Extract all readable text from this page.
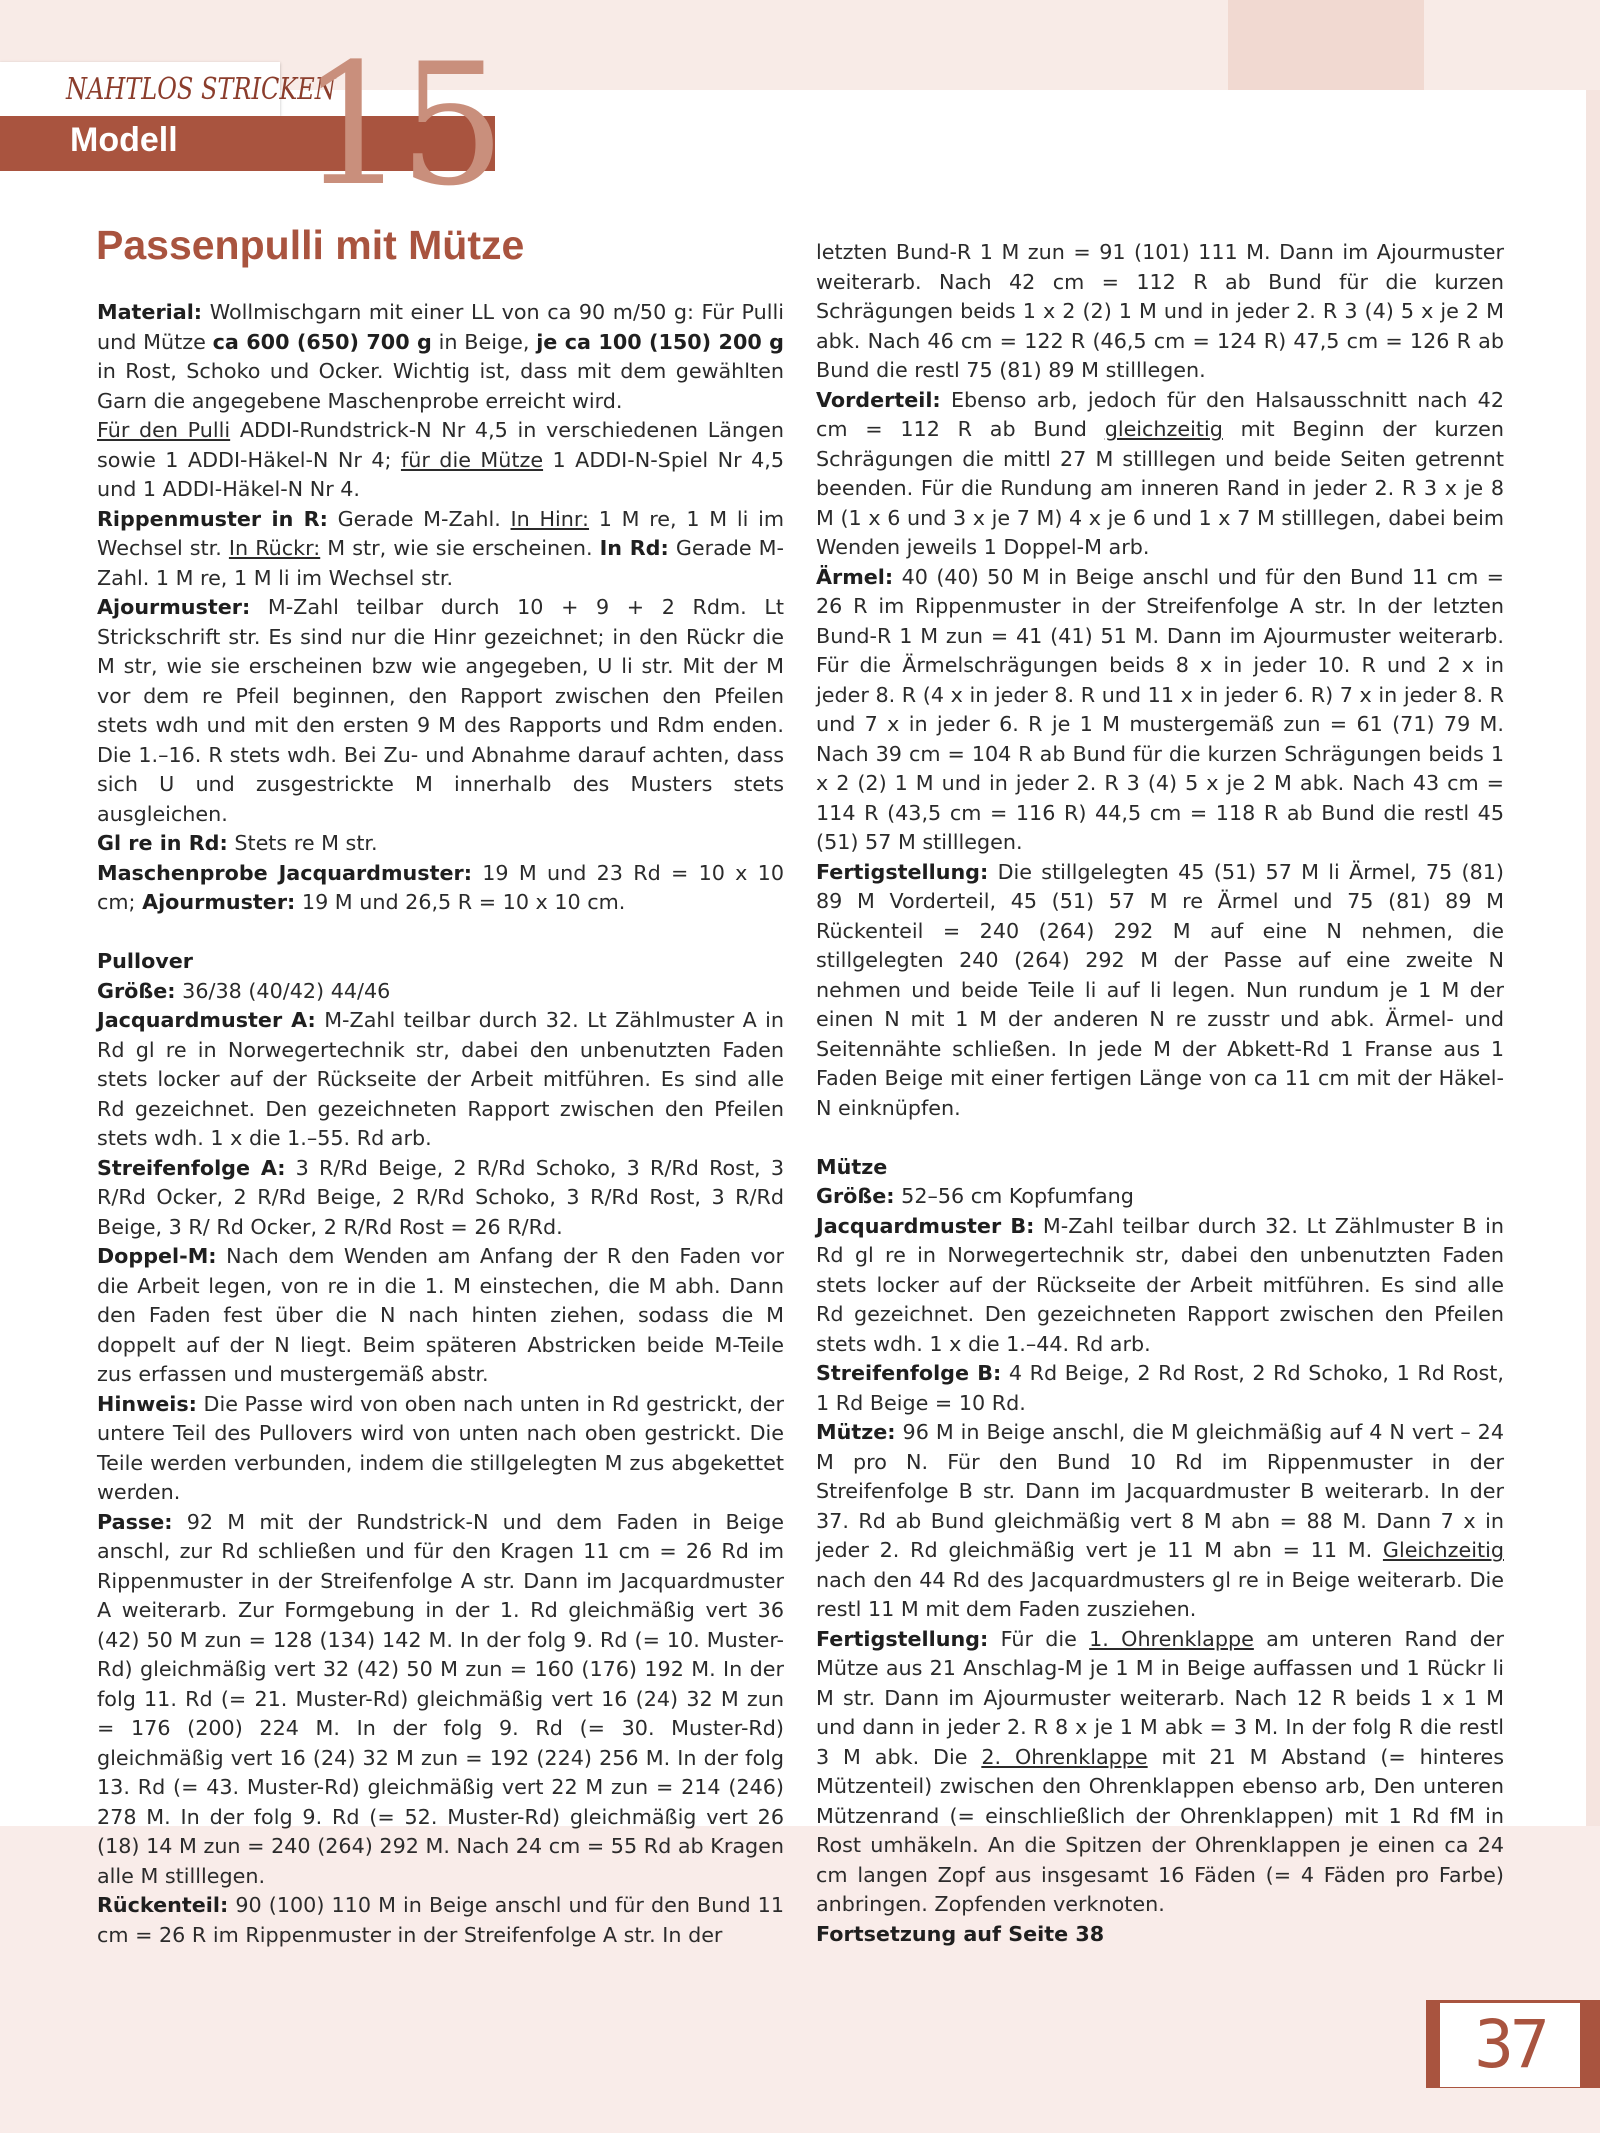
NAHTLOS STRICKEN
15
Modell
Passenpulli mit Mütze

Material: Wollmischgarn mit einer LL von ca 90 m/50 g: Für Pulli und Mütze ca 600 (650) 700 g in Beige, je ca 100 (150) 200 g in Rost, Schoko und Ocker. Wichtig ist, dass mit dem gewählten Garn die angegebene Maschenprobe erreicht wird.

Für den Pulli ADDI-Rundstrick-N Nr 4,5 in verschiedenen Längen sowie 1 ADDI-Häkel-N Nr 4; für die Mütze 1 ADDI-N-Spiel Nr 4,5 und 1 ADDI-Häkel-N Nr 4.

Rippenmuster in R: Gerade M-Zahl. In Hinr: 1 M re, 1 M li im Wechsel str. In Rückr: M str, wie sie erscheinen. In Rd: Gerade M-Zahl. 1 M re, 1 M li im Wechsel str.

Ajourmuster: M-Zahl teilbar durch 10 + 9 + 2 Rdm. Lt Strickschrift str. Es sind nur die Hinr gezeichnet; in den Rückr die M str, wie sie erscheinen bzw wie angegeben, U li str. Mit der M vor dem re Pfeil beginnen, den Rapport zwischen den Pfeilen stets wdh und mit den ersten 9 M des Rapports und Rdm enden. Die 1.–16. R stets wdh. Bei Zu- und Abnahme darauf achten, dass sich U und zusgestrickte M innerhalb des Musters stets ausgleichen.

Gl re in Rd: Stets re M str.

Maschenprobe Jacquardmuster: 19 M und 23 Rd = 10 x 10 cm; Ajourmuster: 19 M und 26,5 R = 10 x 10 cm.

Pullover

Größe: 36/38 (40/42) 44/46

Jacquardmuster A: M-Zahl teilbar durch 32. Lt Zählmuster A in Rd gl re in Norwegertechnik str, dabei den unbenutzten Faden stets locker auf der Rückseite der Arbeit mitführen. Es sind alle Rd gezeichnet. Den gezeichneten Rapport zwischen den Pfeilen stets wdh. 1 x die 1.–55. Rd arb.

Streifenfolge A: 3 R/Rd Beige, 2 R/Rd Schoko, 3 R/Rd Rost, 3 R/Rd Ocker, 2 R/Rd Beige, 2 R/Rd Schoko, 3 R/Rd Rost, 3 R/Rd Beige, 3 R/ Rd Ocker, 2 R/Rd Rost = 26 R/Rd.

Doppel-M: Nach dem Wenden am Anfang der R den Faden vor die Arbeit legen, von re in die 1. M einstechen, die M abh. Dann den Faden fest über die N nach hinten ziehen, sodass die M doppelt auf der N liegt. Beim späteren Abstricken beide M-Teile zus erfassen und mustergemäß abstr.

Hinweis: Die Passe wird von oben nach unten in Rd gestrickt, der untere Teil des Pullovers wird von unten nach oben gestrickt. Die Teile werden verbunden, indem die stillgelegten M zus abgekettet werden.

Passe: 92 M mit der Rundstrick-N und dem Faden in Beige anschl, zur Rd schließen und für den Kragen 11 cm = 26 Rd im Rippenmuster in der Streifenfolge A str. Dann im Jacquardmuster A weiterarb. Zur Formgebung in der 1. Rd gleichmäßig vert 36 (42) 50 M zun = 128 (134) 142 M. In der folg 9. Rd (= 10. Muster-Rd) gleichmäßig vert 32 (42) 50 M zun = 160 (176) 192 M. In der folg 11. Rd (= 21. Muster-Rd) gleichmäßig vert 16 (24) 32 M zun = 176 (200) 224 M. In der folg 9. Rd (= 30. Muster-Rd) gleichmäßig vert 16 (24) 32 M zun = 192 (224) 256 M. In der folg 13. Rd (= 43. Muster-Rd) gleichmäßig vert 22 M zun = 214 (246) 278 M. In der folg 9. Rd (= 52. Muster-Rd) gleichmäßig vert 26 (18) 14 M zun = 240 (264) 292 M. Nach 24 cm = 55 Rd ab Kragen alle M stilllegen.

Rückenteil: 90 (100) 110 M in Beige anschl und für den Bund 11 cm = 26 R im Rippenmuster in der Streifenfolge A str. In der

letzten Bund-R 1 M zun = 91 (101) 111 M. Dann im Ajourmuster weiterarb. Nach 42 cm = 112 R ab Bund für die kurzen Schrägungen beids 1 x 2 (2) 1 M und in jeder 2. R 3 (4) 5 x je 2 M abk. Nach 46 cm = 122 R (46,5 cm = 124 R) 47,5 cm = 126 R ab Bund die restl 75 (81) 89 M stilllegen.

Vorderteil: Ebenso arb, jedoch für den Halsausschnitt nach 42 cm = 112 R ab Bund gleichzeitig mit Beginn der kurzen Schrägungen die mittl 27 M stilllegen und beide Seiten getrennt beenden. Für die Rundung am inneren Rand in jeder 2. R 3 x je 8 M (1 x 6 und 3 x je 7 M) 4 x je 6 und 1 x 7 M stilllegen, dabei beim Wenden jeweils 1 Doppel-M arb.

Ärmel: 40 (40) 50 M in Beige anschl und für den Bund 11 cm = 26 R im Rippenmuster in der Streifenfolge A str. In der letzten Bund-R 1 M zun = 41 (41) 51 M. Dann im Ajourmuster weiterarb. Für die Ärmelschrägungen beids 8 x in jeder 10. R und 2 x in jeder 8. R (4 x in jeder 8. R und 11 x in jeder 6. R) 7 x in jeder 8. R und 7 x in jeder 6. R je 1 M mustergemäß zun = 61 (71) 79 M. Nach 39 cm = 104 R ab Bund für die kurzen Schrägungen beids 1 x 2 (2) 1 M und in jeder 2. R 3 (4) 5 x je 2 M abk. Nach 43 cm = 114 R (43,5 cm = 116 R) 44,5 cm = 118 R ab Bund die restl 45 (51) 57 M stilllegen.

Fertigstellung: Die stillgelegten 45 (51) 57 M li Ärmel, 75 (81) 89 M Vorderteil, 45 (51) 57 M re Ärmel und 75 (81) 89 M Rückenteil = 240 (264) 292 M auf eine N nehmen, die stillgelegten 240 (264) 292 M der Passe auf eine zweite N nehmen und beide Teile li auf li legen. Nun rundum je 1 M der einen N mit 1 M der anderen N re zusstr und abk. Ärmel- und Seitennähte schließen. In jede M der Abkett-Rd 1 Franse aus 1 Faden Beige mit einer fertigen Länge von ca 11 cm mit der Häkel-N einknüpfen.

Mütze

Größe: 52–56 cm Kopfumfang

Jacquardmuster B: M-Zahl teilbar durch 32. Lt Zählmuster B in Rd gl re in Norwegertechnik str, dabei den unbenutzten Faden stets locker auf der Rückseite der Arbeit mitführen. Es sind alle Rd gezeichnet. Den gezeichneten Rapport zwischen den Pfeilen stets wdh. 1 x die 1.–44. Rd arb.

Streifenfolge B: 4 Rd Beige, 2 Rd Rost, 2 Rd Schoko, 1 Rd Rost, 1 Rd Beige = 10 Rd.

Mütze: 96 M in Beige anschl, die M gleichmäßig auf 4 N vert – 24 M pro N. Für den Bund 10 Rd im Rippenmuster in der Streifenfolge B str. Dann im Jacquardmuster B weiterarb. In der 37. Rd ab Bund gleichmäßig vert 8 M abn = 88 M. Dann 7 x in jeder 2. Rd gleichmäßig vert je 11 M abn = 11 M. Gleichzeitig nach den 44 Rd des Jacquardmusters gl re in Beige weiterarb. Die restl 11 M mit dem Faden zusziehen.

Fertigstellung: Für die 1. Ohrenklappe am unteren Rand der Mütze aus 21 Anschlag-M je 1 M in Beige auffassen und 1 Rückr li M str. Dann im Ajourmuster weiterarb. Nach 12 R beids 1 x 1 M und dann in jeder 2. R 8 x je 1 M abk = 3 M. In der folg R die restl 3 M abk. Die 2. Ohrenklappe mit 21 M Abstand (= hinteres Mützenteil) zwischen den Ohrenklappen ebenso arb, Den unteren Mützenrand (= einschließlich der Ohrenklappen) mit 1 Rd fM in Rost umhäkeln. An die Spitzen der Ohrenklappen je einen ca 24 cm langen Zopf aus insgesamt 16 Fäden (= 4 Fäden pro Farbe) anbringen. Zopfenden verknoten.

Fortsetzung auf Seite 38

37
